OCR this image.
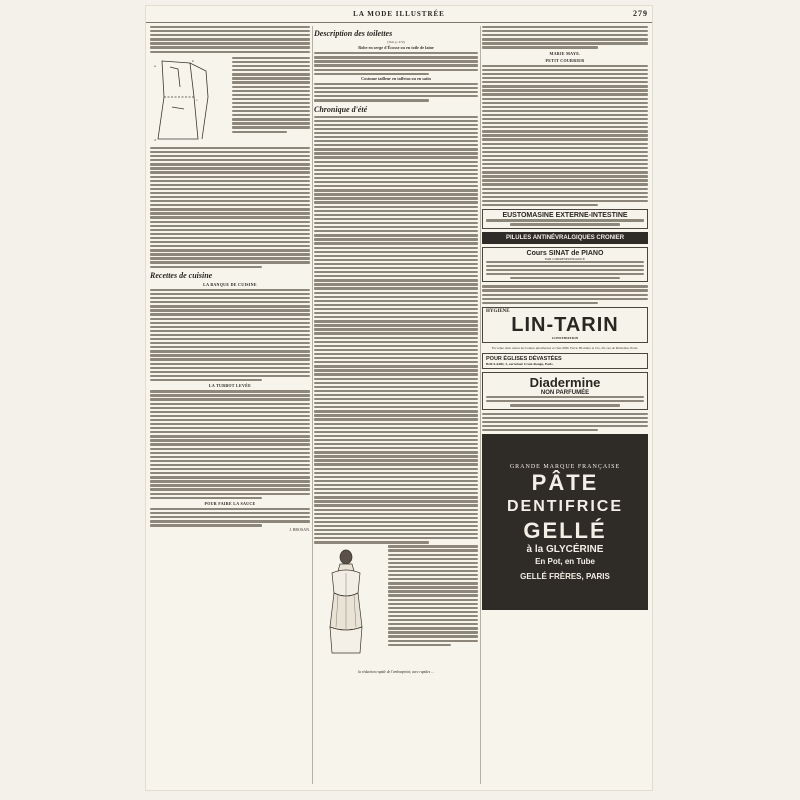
LA MODE ILLUSTRÉE	279
a
b
c
d
Recettes de cuisine
LA BANQUE DE CUISINE
LA TURBOT LEVÉE
POUR FAIRE LA SAUCE
J. BROSAN.
Description des toilettes
(Voir p. 272)
Robe en serge d'Écosse ou en toile de laine
Costume tailleur en taffetas ou en satin
Chronique d'été
la réduction rapide de l'embonpoint; avec rapides ...
MARIE MAYE.
PETIT COURRIER
EUSTOMASINE EXTERNE-INTESTINE
PILULES ANTINÉVRALGIQUES CRONIER
Cours SINAT de PIANO
PAR CORRESPONDANCE
HYGIENE
LIN-TARIN
CONSTIPATION
En vente dans toutes les bonnes pharmacies et chez MM. Ferré, Blottière et Cie, 26, rue de Richelieu, Paris.
POUR ÉGLISES DÉVASTÉES
BOULARD, 3, carrefour Croix-Rouge, Paris.
Diadermine
NON PARFUMÉE
GRANDE MARQUE FRANÇAISE
PÂTE
DENTIFRICE
GELLÉ
à la GLYCÉRINE
En Pot, en Tube
GELLÉ FRÈRES, PARIS
